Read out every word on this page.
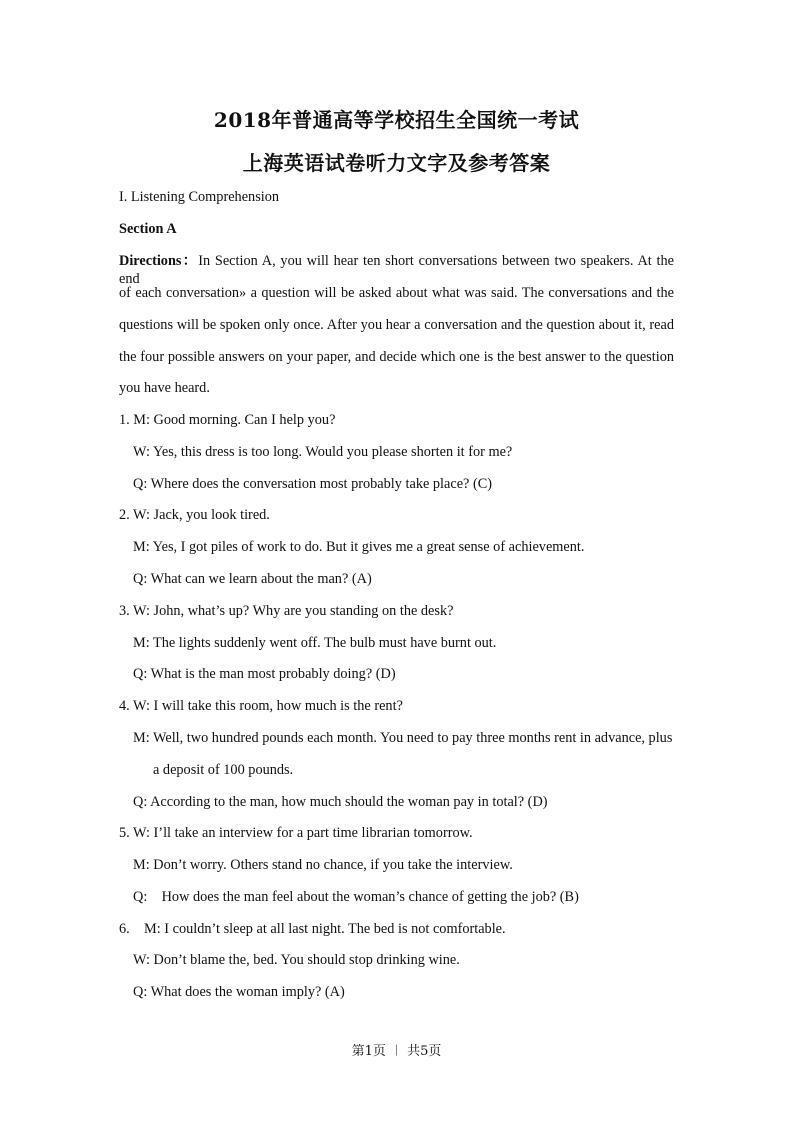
2018年普通高等学校招生全国统一考试
上海英语试卷听力文字及参考答案
I. Listening Comprehension
Section A
Directions：In Section A, you will hear ten short conversations between two speakers. At the end
of each conversation» a question will be asked about what was said. The conversations and the
questions will be spoken only once. After you hear a conversation and the question about it, read
the four possible answers on your paper, and decide which one is the best answer to the question
you have heard.
1. M: Good morning. Can I help you?
W: Yes, this dress is too long. Would you please shorten it for me?
Q: Where does the conversation most probably take place? (C)
2. W: Jack, you look tired.
M: Yes, I got piles of work to do. But it gives me a great sense of achievement.
Q: What can we learn about the man? (A)
3. W: John, what’s up? Why are you standing on the desk?
M: The lights suddenly went off. The bulb must have burnt out.
Q: What is the man most probably doing? (D)
4. W: I will take this room, how much is the rent?
M: Well, two hundred pounds each month. You need to pay three months rent in advance, plus
a deposit of 100 pounds.
Q: According to the man, how much should the woman pay in total? (D)
5. W: I’ll take an interview for a part time librarian tomorrow.
M: Don’t worry. Others stand no chance, if you take the interview.
Q:    How does the man feel about the woman’s chance of getting the job? (B)
6.    M: I couldn’t sleep at all last night. The bed is not comfortable.
W: Don’t blame the, bed. You should stop drinking wine.
Q: What does the woman imply? (A)
第1页 ︱ 共5页
